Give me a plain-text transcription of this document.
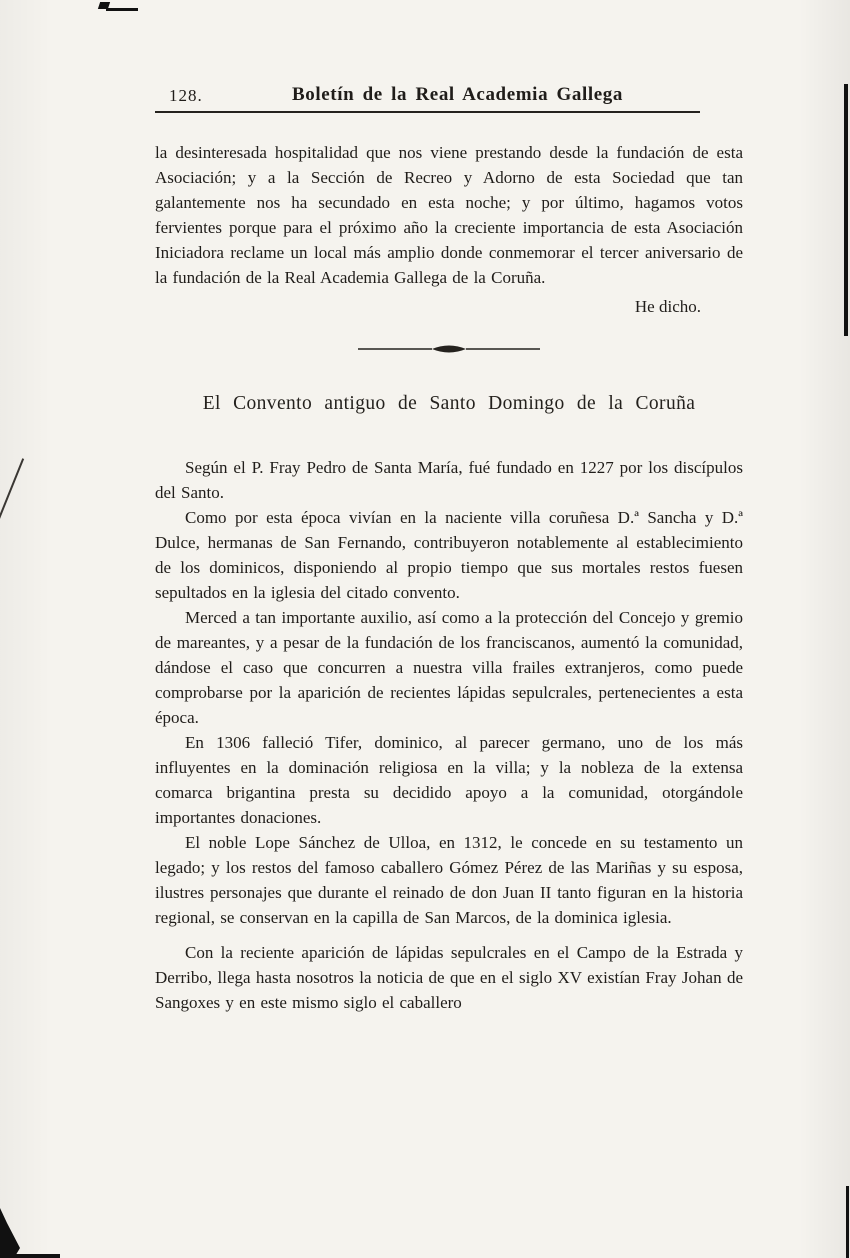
128.	Boletín de la Real Academia Gallega

la desinteresada hospitalidad que nos viene prestando desde la fundación de esta Asociación; y a la Sección de Recreo y Adorno de esta Sociedad que tan galantemente nos ha secundado en esta noche; y por último, hagamos votos fervientes porque para el próximo año la creciente importancia de esta Asociación Iniciadora reclame un local más amplio donde conmemorar el tercer aniversario de la fundación de la Real Academia Gallega de la Coruña.

He dicho.

El Convento antiguo de Santo Domingo de la Coruña

Según el P. Fray Pedro de Santa María, fué fundado en 1227 por los discípulos del Santo.

Como por esta época vivían en la naciente villa coruñesa D.ª Sancha y D.ª Dulce, hermanas de San Fernando, contribuyeron notablemente al establecimiento de los dominicos, disponiendo al propio tiempo que sus mortales restos fuesen sepultados en la iglesia del citado convento.

Merced a tan importante auxilio, así como a la protección del Concejo y gremio de mareantes, y a pesar de la fundación de los franciscanos, aumentó la comunidad, dándose el caso que concurren a nuestra villa frailes extranjeros, como puede comprobarse por la aparición de recientes lápidas sepulcrales, pertenecientes a esta época.

En 1306 falleció Tifer, dominico, al parecer germano, uno de los más influyentes en la dominación religiosa en la villa; y la nobleza de la extensa comarca brigantina presta su decidido apoyo a la comunidad, otorgándole importantes donaciones.

El noble Lope Sánchez de Ulloa, en 1312, le concede en su testamento un legado; y los restos del famoso caballero Gómez Pérez de las Mariñas y su esposa, ilustres personajes que durante el reinado de don Juan II tanto figuran en la historia regional, se conservan en la capilla de San Marcos, de la dominica iglesia.

Con la reciente aparición de lápidas sepulcrales en el Campo de la Estrada y Derribo, llega hasta nosotros la noticia de que en el siglo XV existían Fray Johan de Sangoxes y en este mismo siglo el caballero
